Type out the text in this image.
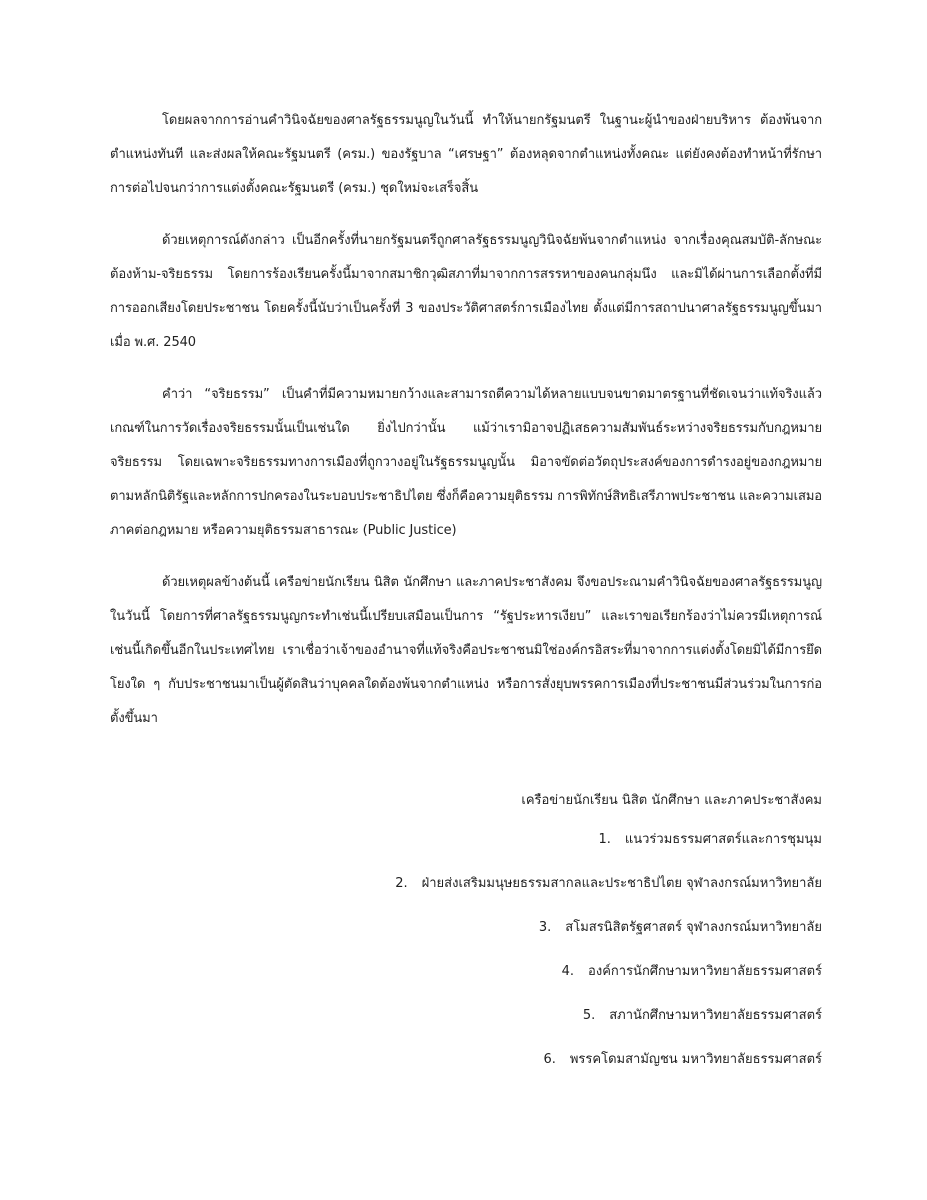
โดยผลจากการอ่านคำวินิจฉัยของศาลรัฐธรรมนูญในวันนี้ ทำให้นายกรัฐมนตรี ในฐานะผู้นำของฝ่ายบริหาร ต้องพ้นจากตำแหน่งทันที และส่งผลให้คณะรัฐมนตรี (ครม.) ของรัฐบาล “เศรษฐา” ต้องหลุดจากตำแหน่งทั้งคณะ แต่ยังคงต้องทำหน้าที่รักษาการต่อไปจนกว่าการแต่งตั้งคณะรัฐมนตรี (ครม.) ชุดใหม่จะเสร็จสิ้น

ด้วยเหตุการณ์ดังกล่าว เป็นอีกครั้งที่นายกรัฐมนตรีถูกศาลรัฐธรรมนูญวินิจฉัยพ้นจากตำแหน่ง จากเรื่องคุณสมบัติ-ลักษณะต้องห้าม-จริยธรรม โดยการร้องเรียนครั้งนี้มาจากสมาชิกวุฒิสภาที่มาจากการสรรหาของคนกลุ่มนึง และมิได้ผ่านการเลือกตั้งที่มีการออกเสียงโดยประชาชน โดยครั้งนี้นับว่าเป็นครั้งที่ 3 ของประวัติศาสตร์การเมืองไทย ตั้งแต่มีการสถาปนาศาลรัฐธรรมนูญขึ้นมาเมื่อ พ.ศ. 2540

คำว่า “จริยธรรม” เป็นคำที่มีความหมายกว้างและสามารถตีความได้หลายแบบจนขาดมาตรฐานที่ชัดเจนว่าแท้จริงแล้วเกณฑ์ในการวัดเรื่องจริยธรรมนั้นเป็นเช่นใด ยิ่งไปกว่านั้น แม้ว่าเรามิอาจปฏิเสธความสัมพันธ์ระหว่างจริยธรรมกับกฎหมาย จริยธรรม โดยเฉพาะจริยธรรมทางการเมืองที่ถูกวางอยู่ในรัฐธรรมนูญนั้น มิอาจขัดต่อวัตถุประสงค์ของการดำรงอยู่ของกฎหมายตามหลักนิติรัฐและหลักการปกครองในระบอบประชาธิปไตย ซึ่งก็คือความยุติธรรม การพิทักษ์สิทธิเสรีภาพประชาชน และความเสมอภาคต่อกฎหมาย หรือความยุติธรรมสาธารณะ (Public Justice)

ด้วยเหตุผลข้างต้นนี้ เครือข่ายนักเรียน นิสิต นักศึกษา และภาคประชาสังคม จึงขอประณามคำวินิจฉัยของศาลรัฐธรรมนูญในวันนี้ โดยการที่ศาลรัฐธรรมนูญกระทำเช่นนี้เปรียบเสมือนเป็นการ “รัฐประหารเงียบ” และเราขอเรียกร้องว่าไม่ควรมีเหตุการณ์เช่นนี้เกิดขึ้นอีกในประเทศไทย เราเชื่อว่าเจ้าของอำนาจที่แท้จริงคือประชาชนมิใช่องค์กรอิสระที่มาจากการแต่งตั้งโดยมิได้มีการยึดโยงใด ๆ กับประชาชนมาเป็นผู้ตัดสินว่าบุคคลใดต้องพ้นจากตำแหน่ง หรือการสั่งยุบพรรคการเมืองที่ประชาชนมีส่วนร่วมในการก่อตั้งขึ้นมา

เครือข่ายนักเรียน นิสิต นักศึกษา และภาคประชาสังคม
1. แนวร่วมธรรมศาสตร์และการชุมนุม
2. ฝ่ายส่งเสริมมนุษยธรรมสากลและประชาธิปไตย จุฬาลงกรณ์มหาวิทยาลัย
3. สโมสรนิสิตรัฐศาสตร์ จุฬาลงกรณ์มหาวิทยาลัย
4. องค์การนักศึกษามหาวิทยาลัยธรรมศาสตร์
5. สภานักศึกษามหาวิทยาลัยธรรมศาสตร์
6. พรรคโดมสามัญชน มหาวิทยาลัยธรรมศาสตร์
